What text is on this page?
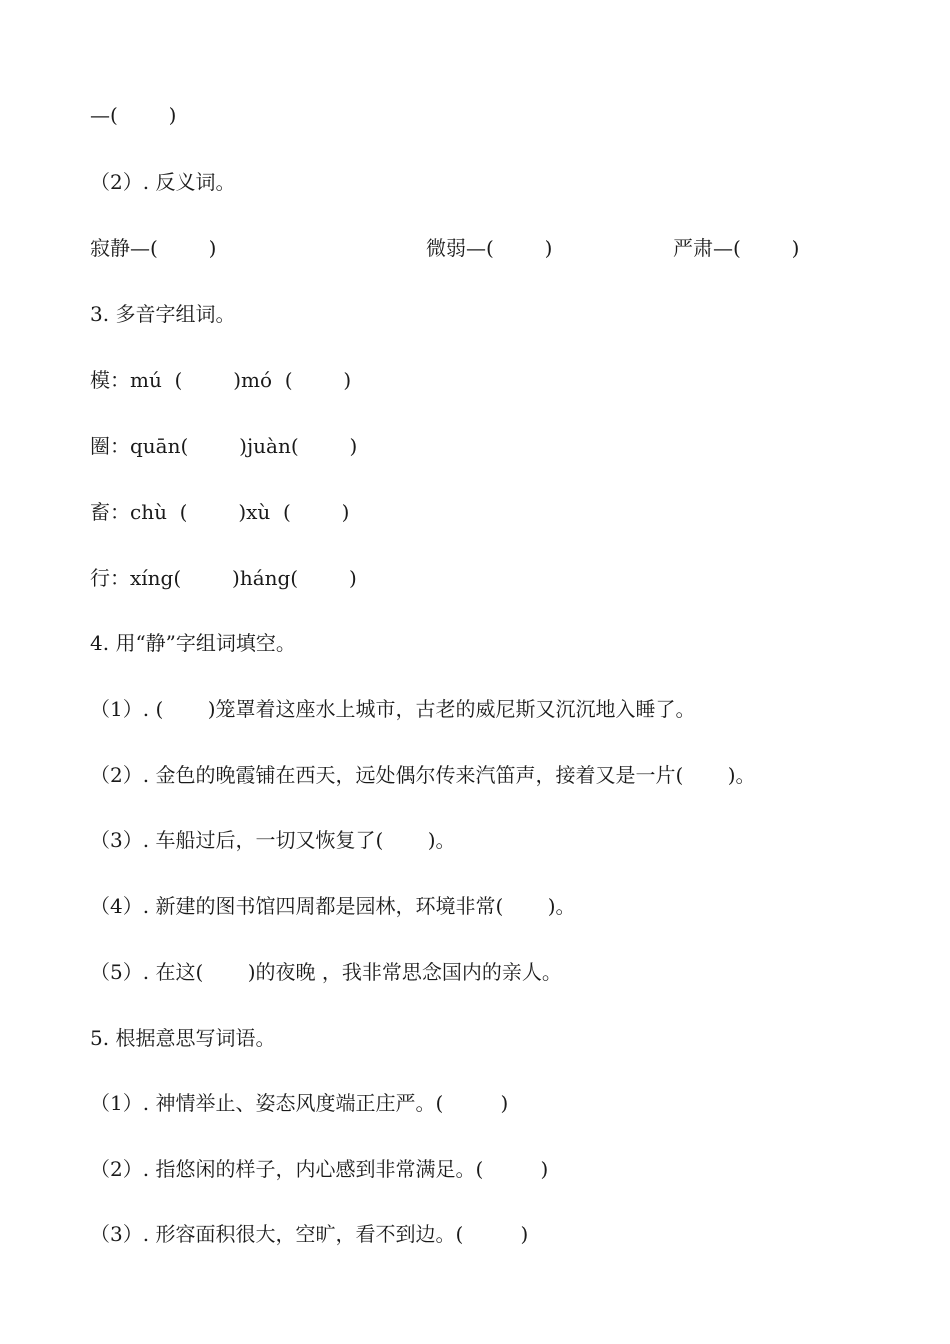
—(        )
（2）. 反义词。
寂静—(        )	微弱—(        )	严肃—(        )
3. 多音字组词。
模：mú  (        )mó  (        )
圈：quān(        )juàn(        )
畜：chù  (        )xù  (        )
行：xíng(        )háng(        )
4. 用“静”字组词填空。
（1）. (       )笼罩着这座水上城市，古老的威尼斯又沉沉地入睡了。
（2）. 金色的晚霞铺在西天，远处偶尔传来汽笛声，接着又是一片(       )。
（3）. 车船过后，一切又恢复了(       )。
（4）. 新建的图书馆四周都是园林，环境非常(       )。
（5）. 在这(       )的夜晚 ，我非常思念国内的亲人。
5. 根据意思写词语。
（1）. 神情举止、姿态风度端正庄严。(         )
（2）. 指悠闲的样子，内心感到非常满足。(         )
（3）. 形容面积很大，空旷，看不到边。(         )
